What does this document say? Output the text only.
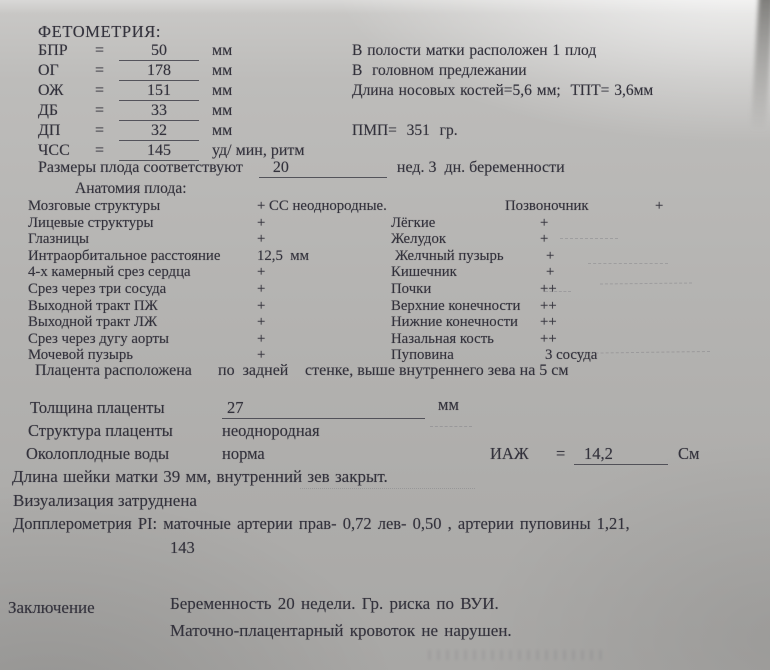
ФЕТОМЕТРИЯ:
БПР =	50	мм
ОГ =	178	мм
ОЖ =	151	мм
ДБ =	33	мм
ДП =	32	мм
ЧСС =	145	уд/ мин, ритм
В полости матки расположен 1 плод
В  головном предлежании
Длина носовых костей=5,6 мм;  ТПТ= 3,6мм
ПМП=  351  гр.
Размеры плода соответствуют 20	нед. 3  дн. беременности
Анатомия плода:
Мозговые структуры	+ СС неоднородные.	Позвоночник	+
Лицевые структуры	+	Лёгкие	+
Глазницы	+	Желудок	+
Интраорбитальное расстояние 12,5  мм	Желчный пузырь	+
4-х камерный срез сердца	+	Кишечник	+
Срез через три сосуда	+	Почки	++
Выходной тракт ПЖ	+	Верхние конечности ++
Выходной тракт ЛЖ	+	Нижние конечности ++
Срез через дугу аорты	+	Назальная кость	++
Мочевой пузырь	+	Пуповина	3 сосуда
Плацента расположена по  задней стенке, выше внутреннего зева на 5 см
Толщина плаценты	27	мм
Структура плаценты	неоднородная
Околоплодные воды	норма	ИАЖ =	14,2	См
Длина шейки матки 39 мм, внутренний зев закрыт.
Визуализация затруднена
Допплерометрия PI: маточные артерии прав- 0,72 лев- 0,50 , артерии пуповины 1,21,
143
Заключение	Беременность 20 недели. Гр. риска по ВУИ.
Маточно-плацентарный кровоток не нарушен.
